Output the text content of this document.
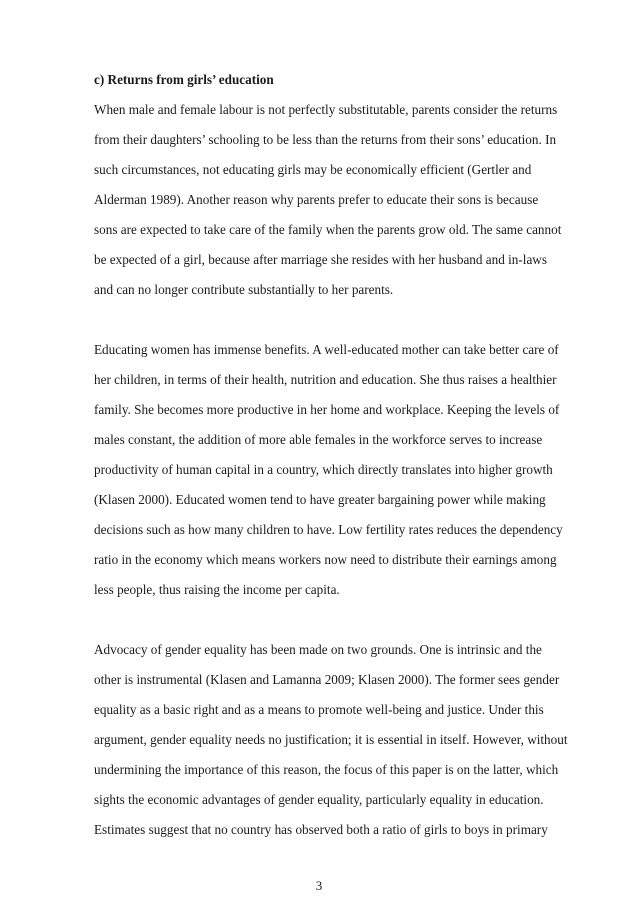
c) Returns from girls’ education

When male and female labour is not perfectly substitutable, parents consider the returns
from their daughters’ schooling to be less than the returns from their sons’ education. In
such circumstances, not educating girls may be economically efficient (Gertler and
Alderman 1989). Another reason why parents prefer to educate their sons is because
sons are expected to take care of the family when the parents grow old. The same cannot
be expected of a girl, because after marriage she resides with her husband and in-laws
and can no longer contribute substantially to her parents.
Educating women has immense benefits. A well-educated mother can take better care of
her children, in terms of their health, nutrition and education. She thus raises a healthier
family. She becomes more productive in her home and workplace. Keeping the levels of
males constant, the addition of more able females in the workforce serves to increase
productivity of human capital in a country, which directly translates into higher growth
(Klasen 2000). Educated women tend to have greater bargaining power while making
decisions such as how many children to have. Low fertility rates reduces the dependency
ratio in the economy which means workers now need to distribute their earnings among
less people, thus raising the income per capita.
Advocacy of gender equality has been made on two grounds. One is intrinsic and the
other is instrumental (Klasen and Lamanna 2009; Klasen 2000). The former sees gender
equality as a basic right and as a means to promote well-being and justice. Under this
argument, gender equality needs no justification; it is essential in itself. However, without
undermining the importance of this reason, the focus of this paper is on the latter, which
sights the economic advantages of gender equality, particularly equality in education.
Estimates suggest that no country has observed both a ratio of girls to boys in primary
3
